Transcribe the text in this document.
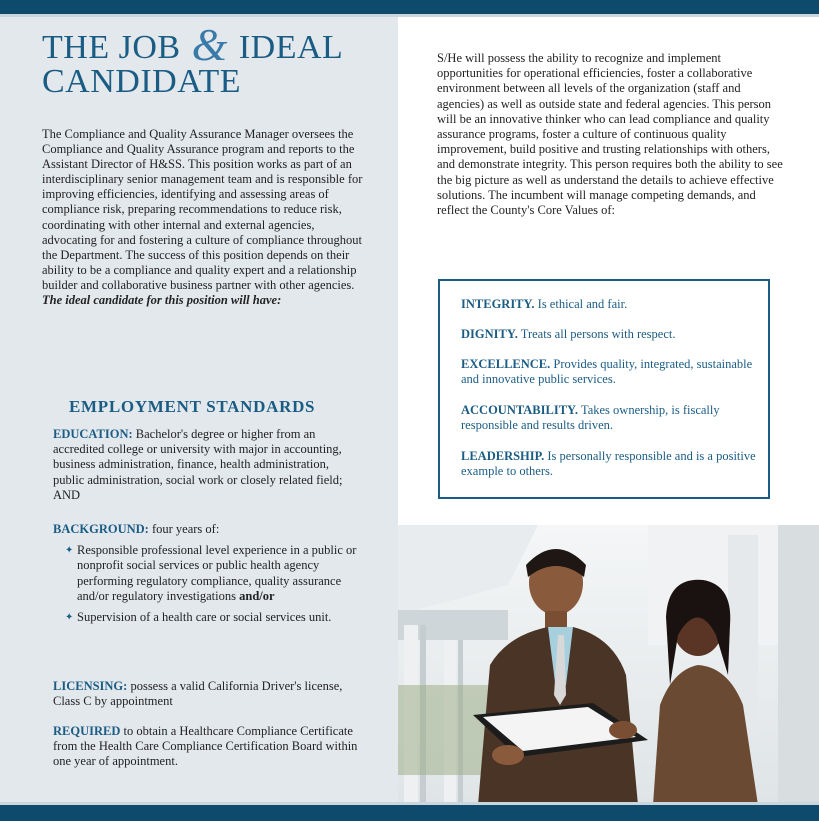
THE JOB & IDEAL
CANDIDATE
The Compliance and Quality Assurance Manager oversees the Compliance and Quality Assurance program and reports to the Assistant Director of H&SS. This position works as part of an interdisciplinary senior management team and is responsible for improving efficiencies, identifying and assessing areas of compliance risk, preparing recommendations to reduce risk, coordinating with other internal and external agencies, advocating for and fostering a culture of compliance throughout the Department. The success of this position depends on their ability to be a compliance and quality expert and a relationship builder and collaborative business partner with other agencies. The ideal candidate for this position will have:
EMPLOYMENT STANDARDS
EDUCATION: Bachelor's degree or higher from an accredited college or university with major in accounting, business administration, finance, health administration, public administration, social work or closely related field; AND
BACKGROUND: four years of:
✦ Responsible professional level experience in a public or nonprofit social services or public health agency performing regulatory compliance, quality assurance and/or regulatory investigations and/or
✦ Supervision of a health care or social services unit.
LICENSING: possess a valid California Driver's license, Class C by appointment
REQUIRED to obtain a Healthcare Compliance Certificate from the Health Care Compliance Certification Board within one year of appointment.
S/He will possess the ability to recognize and implement opportunities for operational efficiencies, foster a collaborative environment between all levels of the organization (staff and agencies) as well as outside state and federal agencies. This person will be an innovative thinker who can lead compliance and quality assurance programs, foster a culture of continuous quality improvement, build positive and trusting relationships with others, and demonstrate integrity. This person requires both the ability to see the big picture as well as understand the details to achieve effective solutions. The incumbent will manage competing demands, and reflect the County's Core Values of:
INTEGRITY. Is ethical and fair.
DIGNITY. Treats all persons with respect.
EXCELLENCE. Provides quality, integrated, sustainable and innovative public services.
ACCOUNTABILITY. Takes ownership, is fiscally responsible and results driven.
LEADERSHIP. Is personally responsible and is a positive example to others.
